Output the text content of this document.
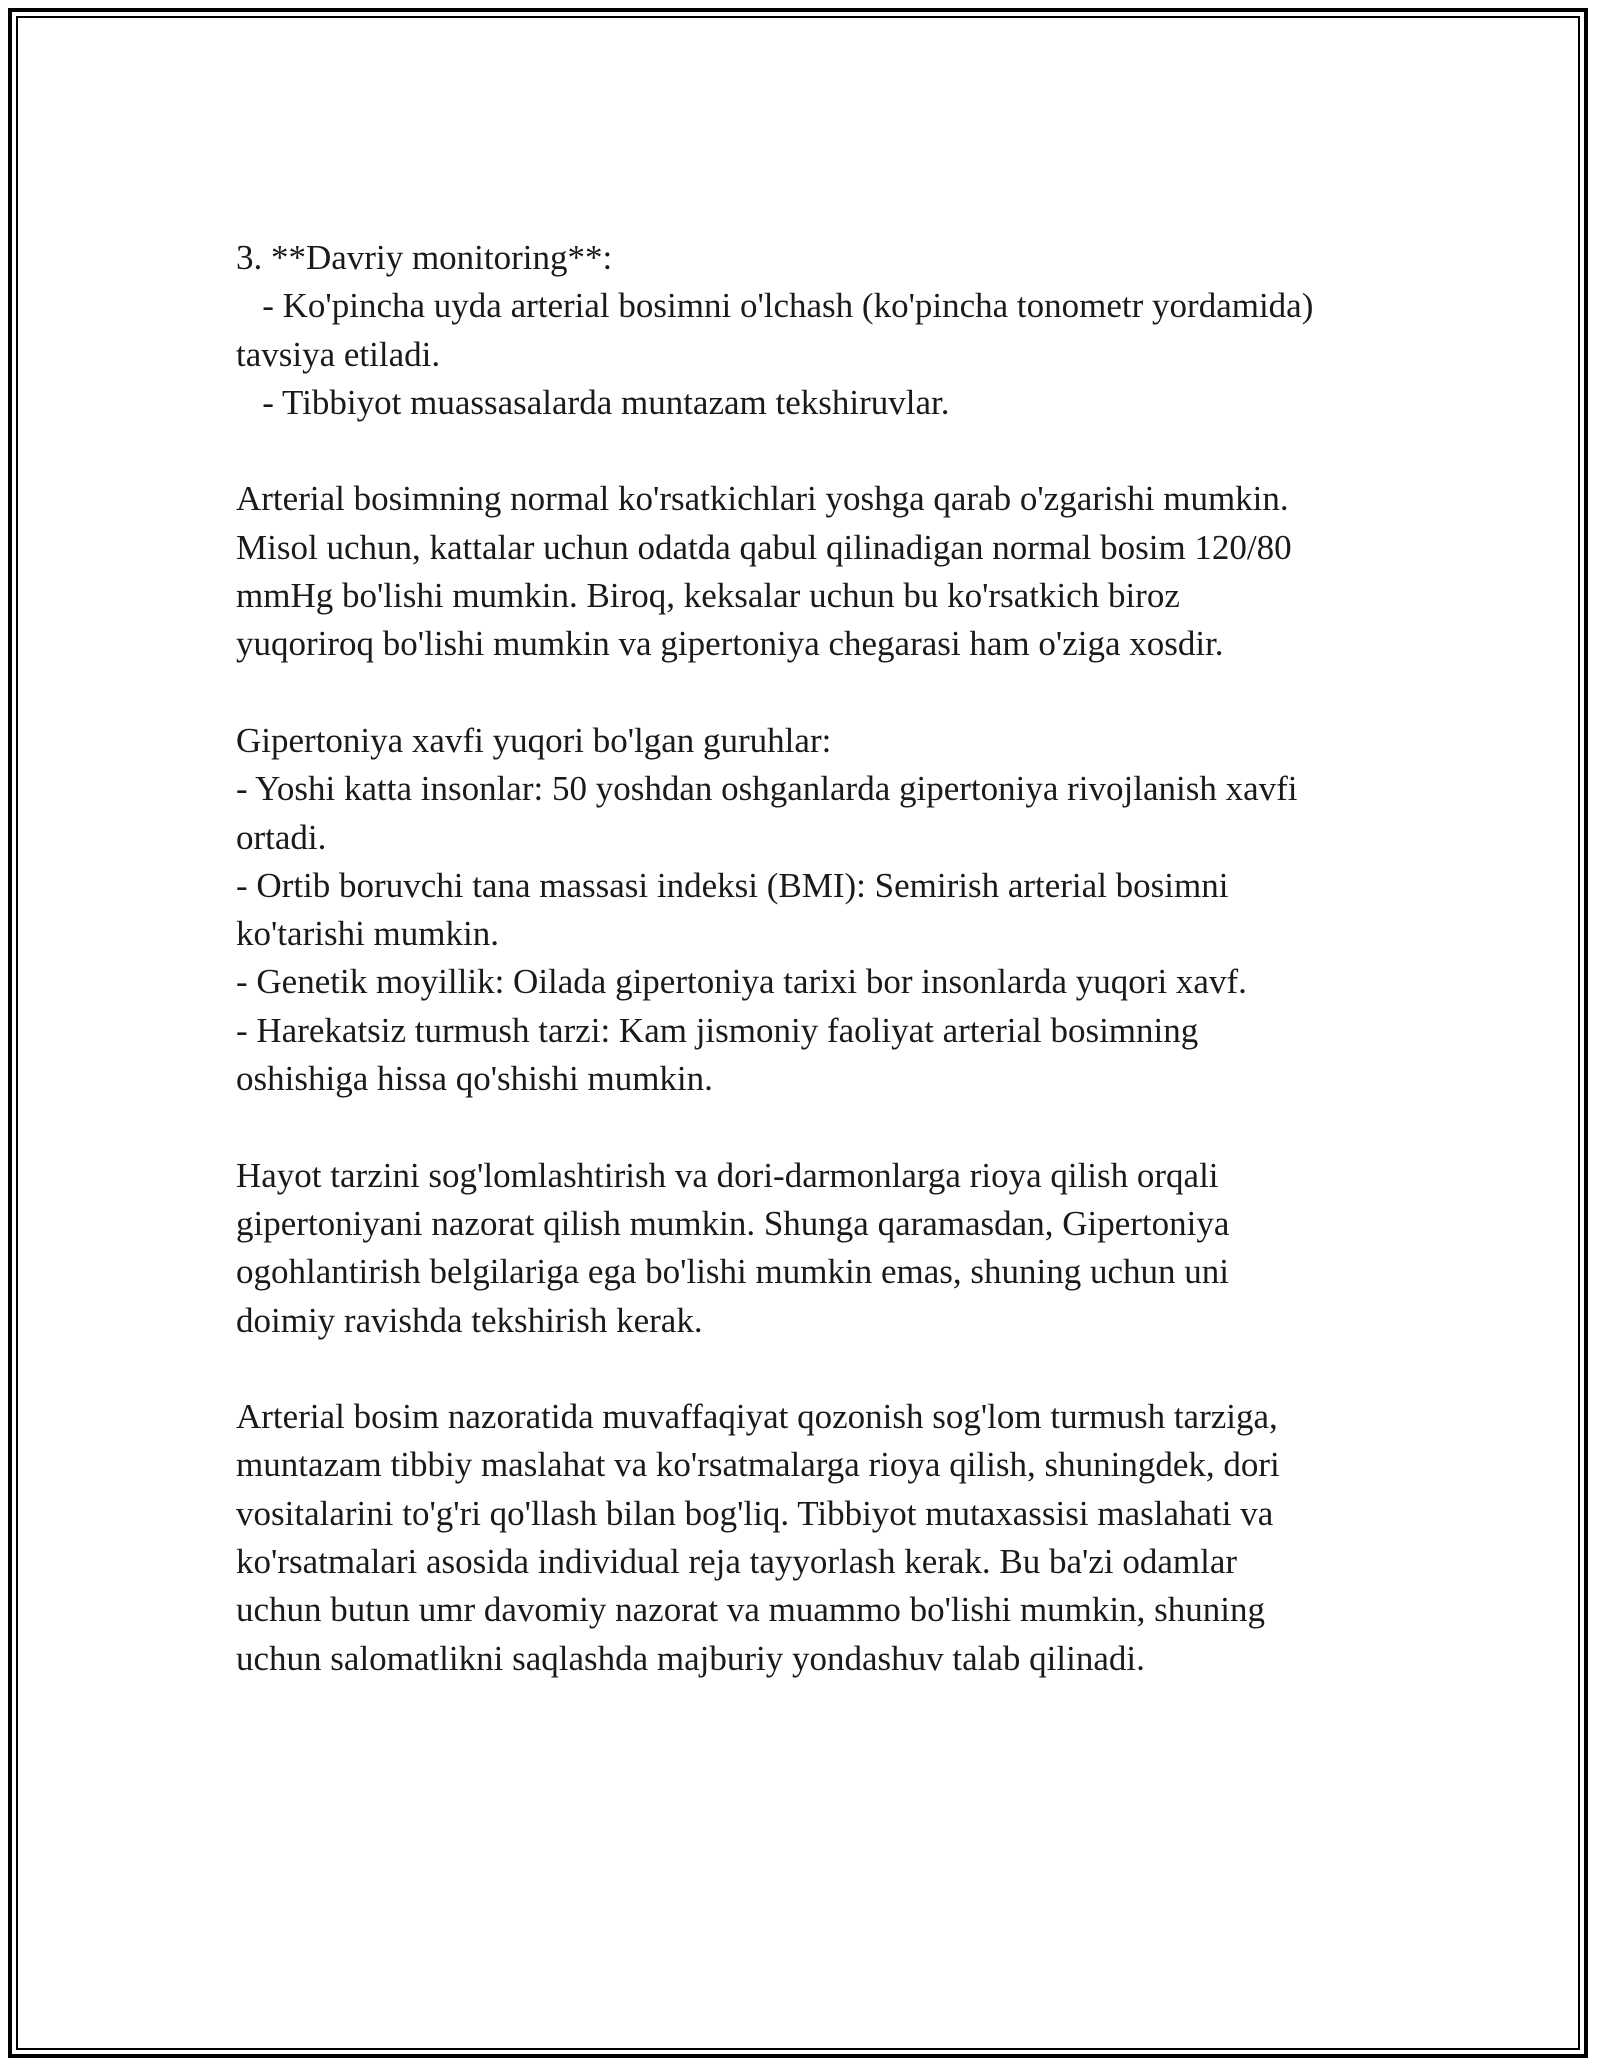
3. **Davriy monitoring**:
- Ko'pincha uyda arterial bosimni o'lchash (ko'pincha tonometr yordamida)
tavsiya etiladi.
- Tibbiyot muassasalarda muntazam tekshiruvlar.
Arterial bosimning normal ko'rsatkichlari yoshga qarab o'zgarishi mumkin.
Misol uchun, kattalar uchun odatda qabul qilinadigan normal bosim 120/80
mmHg bo'lishi mumkin. Biroq, keksalar uchun bu ko'rsatkich biroz
yuqoriroq bo'lishi mumkin va gipertoniya chegarasi ham o'ziga xosdir.
Gipertoniya xavfi yuqori bo'lgan guruhlar:
- Yoshi katta insonlar: 50 yoshdan oshganlarda gipertoniya rivojlanish xavfi
ortadi.
- Ortib boruvchi tana massasi indeksi (BMI): Semirish arterial bosimni
ko'tarishi mumkin.
- Genetik moyillik: Oilada gipertoniya tarixi bor insonlarda yuqori xavf.
- Harekatsiz turmush tarzi: Kam jismoniy faoliyat arterial bosimning
oshishiga hissa qo'shishi mumkin.
Hayot tarzini sog'lomlashtirish va dori-darmonlarga rioya qilish orqali
gipertoniyani nazorat qilish mumkin. Shunga qaramasdan, Gipertoniya
ogohlantirish belgilariga ega bo'lishi mumkin emas, shuning uchun uni
doimiy ravishda tekshirish kerak.
Arterial bosim nazoratida muvaffaqiyat qozonish sog'lom turmush tarziga,
muntazam tibbiy maslahat va ko'rsatmalarga rioya qilish, shuningdek, dori
vositalarini to'g'ri qo'llash bilan bog'liq. Tibbiyot mutaxassisi maslahati va
ko'rsatmalari asosida individual reja tayyorlash kerak. Bu ba'zi odamlar
uchun butun umr davomiy nazorat va muammo bo'lishi mumkin, shuning
uchun salomatlikni saqlashda majburiy yondashuv talab qilinadi.
